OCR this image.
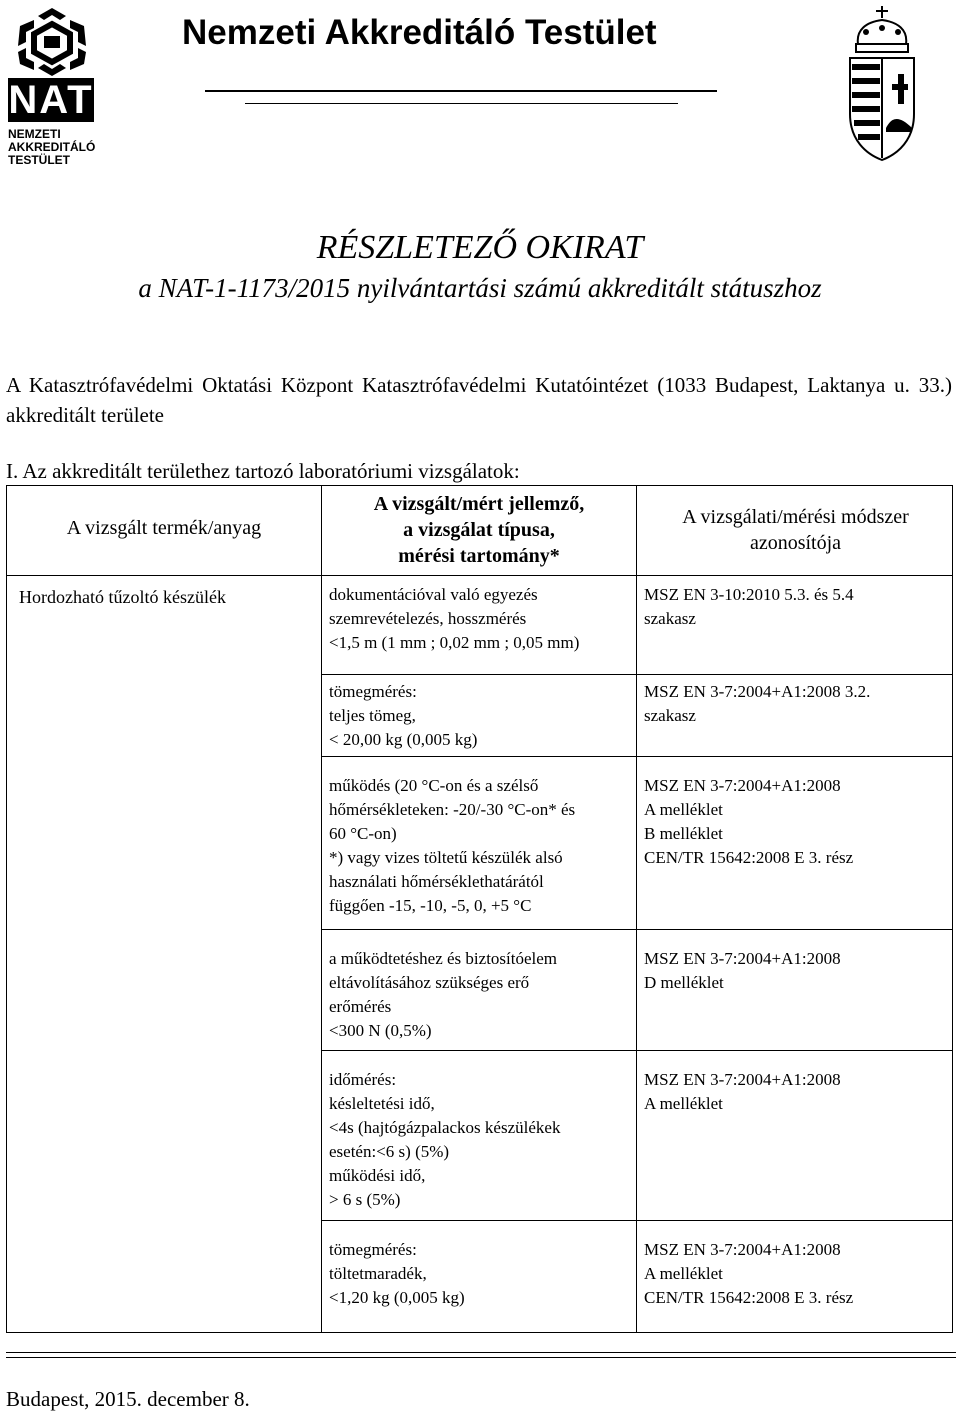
NAT
NEMZETI
AKKREDITÁLÓ
TESTÜLET
Nemzeti Akkreditáló Testület
RÉSZLETEZŐ OKIRAT
a NAT-1-1173/2015 nyilvántartási számú akkreditált státuszhoz
A Katasztrófavédelmi Oktatási Központ Katasztrófavédelmi Kutatóintézet (1033 Budapest, Laktanya u. 33.) akkreditált területe
I. Az akkreditált területhez tartozó laboratóriumi vizsgálatok:
A vizsgált termék/anyag
A vizsgált/mért jellemző,
a vizsgálat típusa,
mérési tartomány*
A vizsgálati/mérési módszer
azonosítója
Hordozható tűzoltó készülék	dokumentációval való egyezés
szemrevételezés, hosszmérés
<1,5 m (1 mm ; 0,02 mm ; 0,05 mm)
MSZ EN 3-10:2010 5.3. és 5.4
szakasz
tömegmérés:
teljes tömeg,
< 20,00 kg (0,005 kg)
MSZ EN 3-7:2004+A1:2008 3.2.
szakasz
működés (20 °C-on és a szélső
hőmérsékleteken: -20/-30 °C-on* és
60 °C-on)
*) vagy vizes töltetű készülék alsó
használati hőmérséklethatárától
függően -15, -10, -5, 0, +5 °C
MSZ EN 3-7:2004+A1:2008
A melléklet
B melléklet
CEN/TR 15642:2008 E 3. rész
a működtetéshez és biztosítóelem
eltávolításához szükséges erő
erőmérés
<300 N (0,5%)
MSZ EN 3-7:2004+A1:2008
D melléklet
időmérés:
késleltetési idő,
<4s (hajtógázpalackos készülékek
esetén:<6 s) (5%)
működési idő,
> 6 s (5%)
MSZ EN 3-7:2004+A1:2008
A melléklet
tömegmérés:
töltetmaradék,
<1,20 kg (0,005 kg)
MSZ EN 3-7:2004+A1:2008
A melléklet
CEN/TR 15642:2008 E 3. rész
Budapest, 2015. december 8.
